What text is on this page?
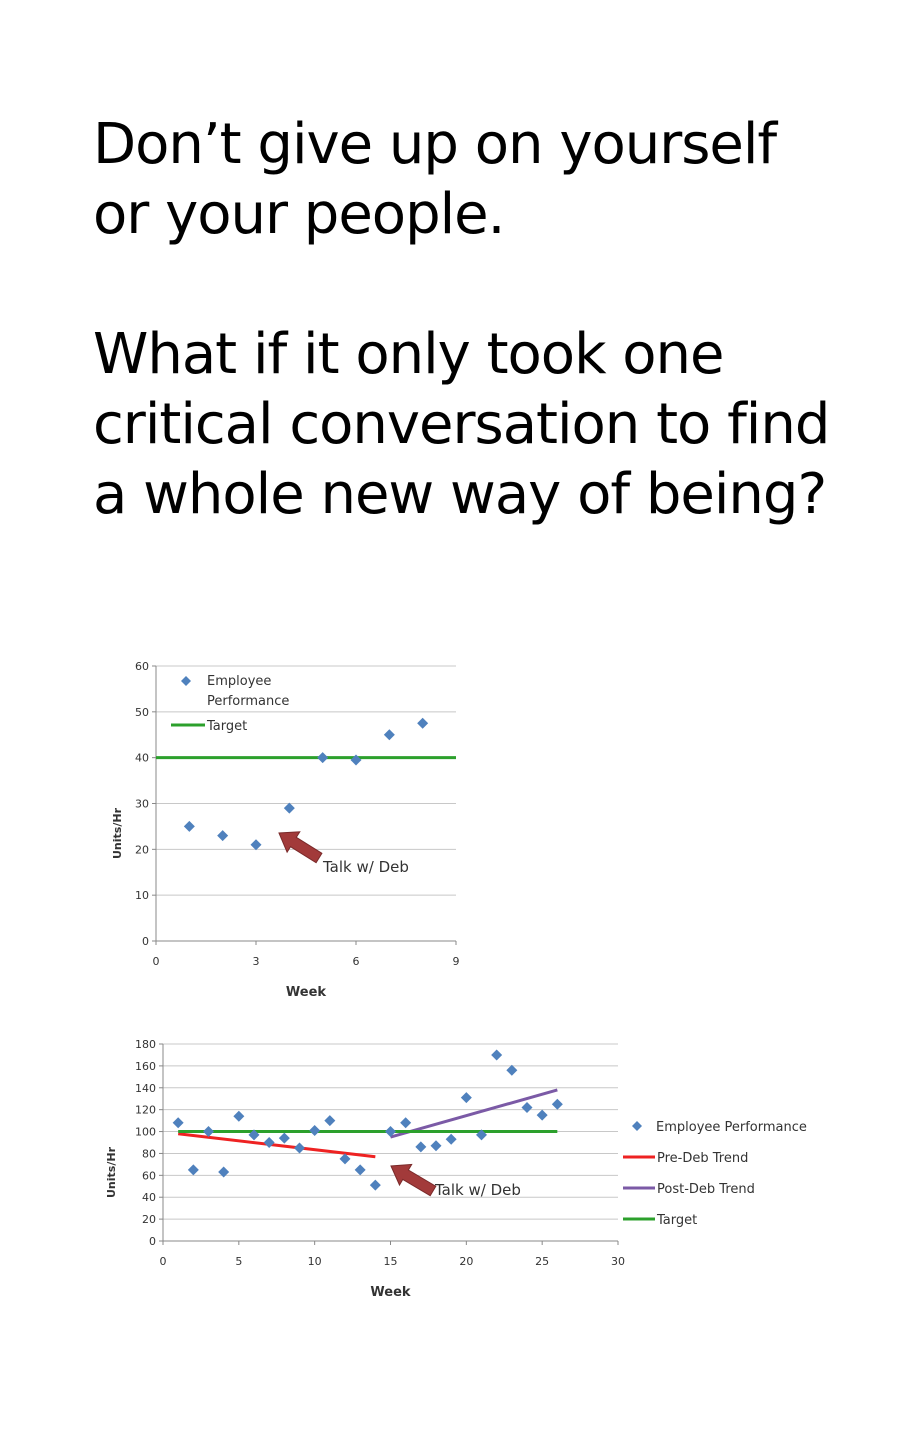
Don’t give up on yourself

or your people.

What if it only took one

critical conversation to find

a whole new way of being?

0
10
20
30
40
50
60
0	3	6	9
Week
Units/Hr
Talk w/ Deb
Employee
Performance
Target
0
20
40
60
80
100
120
140
160
180
0	5	10	15	20	25	30
Week
Units/Hr	Talk w/ Deb
Employee Performance
Pre-Deb Trend
Post-Deb Trend
Target
